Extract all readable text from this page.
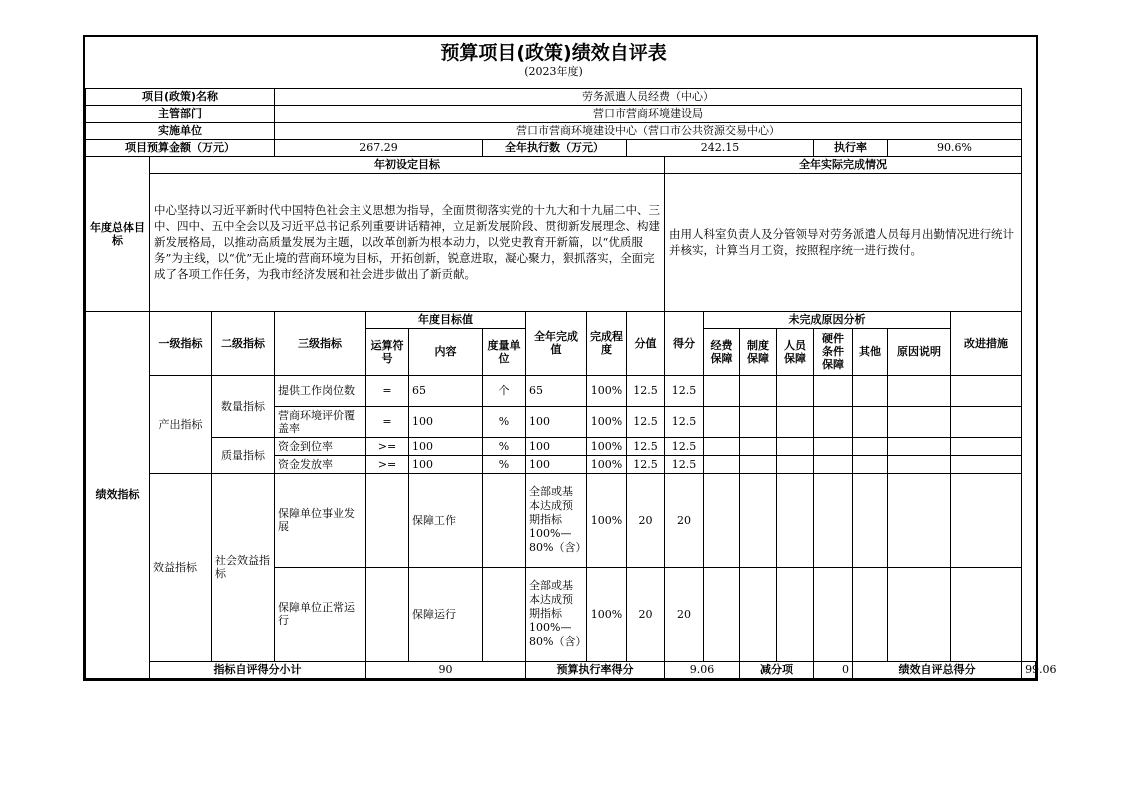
预算项目(政策)绩效自评表
(2023年度)																		

项目(政策)名称			劳务派遣人员经费（中心）															
主管部门			营口市营商环境建设局															
实施单位			营口市营商环境建设中心（营口市公共资源交易中心）															
项目预算金额（万元）			267.29			全年执行数（万元）			242.15					执行率		90.6%		
年度总体目标	年初设定目标									全年实际完成情况								
	中心坚持以习近平新时代中国特色社会主义思想为指导，全面贯彻落实党的十九大和十九届二中、三中、四中、五中全会以及习近平总书记系列重要讲话精神，立足新发展阶段、贯彻新发展理念、构建新发展格局，以推动高质量发展为主题，以改革创新为根本动力，以党史教育开新篇，以“优质服务”为主线，以“优”无止境的营商环境为目标，开拓创新，锐意进取，凝心聚力，狠抓落实，全面完成了各项工作任务，为我市经济发展和社会进步做出了新贡献。									由用人科室负责人及分管领导对劳务派遣人员每月出勤情况进行统计并核实，计算当月工资，按照程序统一进行拨付。								
绩效指标	一级指标	二级指标	三级指标	年度目标值			全年完成值	完成程度	分值	得分	未完成原因分析						改进措施	
				运算符号	内容	度量单位					经费保障	制度保障	人员保障	硬件条件保障	其他	原因说明		
	产出指标	数量指标	提供工作岗位数	=	65	个	65	100%	12.5	12.5								
			营商环境评价覆盖率	=	100	%	100	100%	12.5	12.5								
		质量指标	资金到位率	>=	100	%	100	100%	12.5	12.5								
			资金发放率	>=	100	%	100	100%	12.5	12.5								
	效益指标	社会效益指标	保障单位事业发展		保障工作		全部或基本达成预期指标100%—80%（含）	100%	20	20								
			保障单位正常运行		保障运行		全部或基本达成预期指标100%—80%（含）	100%	20	20								
	指标自评得分小计			90			预算执行率得分			9.06		减分项		0	绩效自评总得分			99.06
